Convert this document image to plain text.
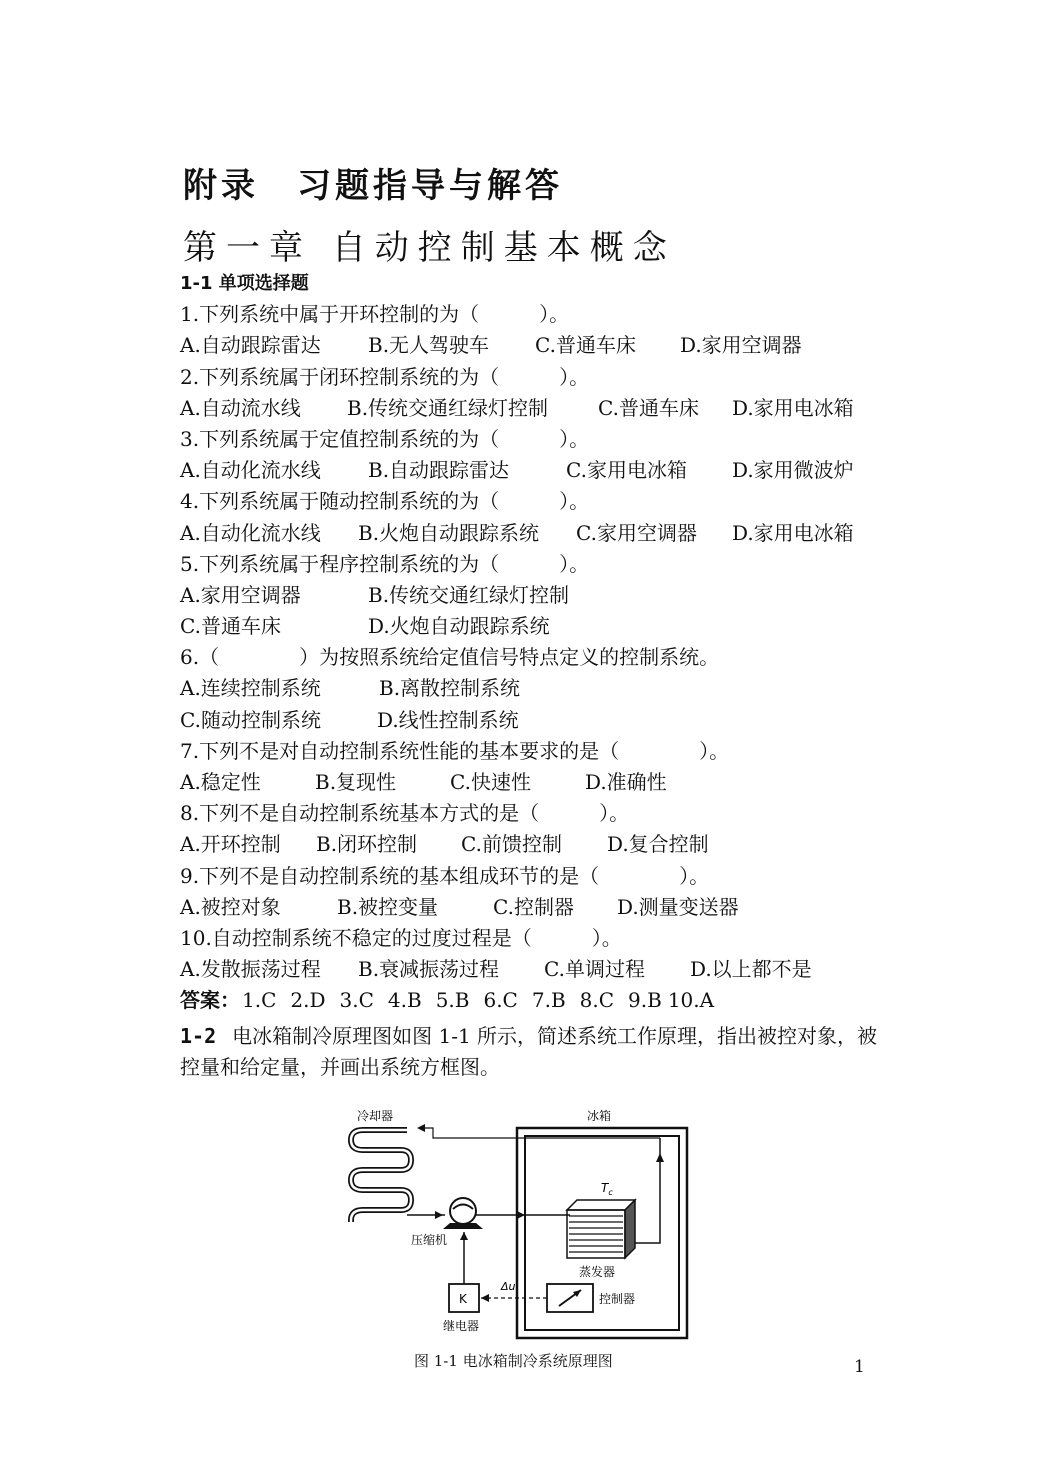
附录 习题指导与解答
第一章 自动控制基本概念
1-1 单项选择题
1.下列系统中属于开环控制的为（　　　）。
A.自动跟踪雷达 B.无人驾驶车 C.普通车床 D.家用空调器
2.下列系统属于闭环控制系统的为（　　　）。
A.自动流水线 B.传统交通红绿灯控制 C.普通车床 D.家用电冰箱
3.下列系统属于定值控制系统的为（　　　）。
A.自动化流水线 B.自动跟踪雷达	C.家用电冰箱 D.家用微波炉
4.下列系统属于随动控制系统的为（　　　）。
A.自动化流水线 B.火炮自动跟踪系统 C.家用空调器 D.家用电冰箱
5.下列系统属于程序控制系统的为（　　　）。
A.家用空调器	B.传统交通红绿灯控制
C.普通车床	D.火炮自动跟踪系统
6.（　　　　）为按照系统给定值信号特点定义的控制系统。
A.连续控制系统	B.离散控制系统
C.随动控制系统	D.线性控制系统
7.下列不是对自动控制系统性能的基本要求的是（　　　　）。
A.稳定性	B.复现性	C.快速性	D.准确性
8.下列不是自动控制系统基本方式的是（　　　）。
A.开环控制 B.闭环控制 C.前馈控制 D.复合控制
9.下列不是自动控制系统的基本组成环节的是（　　　　）。
A.被控对象	B.被控变量	C.控制器 D.测量变送器
10.自动控制系统不稳定的过度过程是（　　　）。
A.发散振荡过程 B.衰减振荡过程 C.单调过程 D.以上都不是
答案： 1.C 2.D 3.C 4.B 5.B 6.C 7.B 8.C 9.B 10.A
1-2 电冰箱制冷原理图如图 1-1 所示，简述系统工作原理，指出被控对象，被控量和给定量，并画出系统方框图。
冷却器	冰箱
压缩机
$T_c$
蒸发器
控制器
K
继电器
Δu
图 1-1 电冰箱制冷系统原理图	1
